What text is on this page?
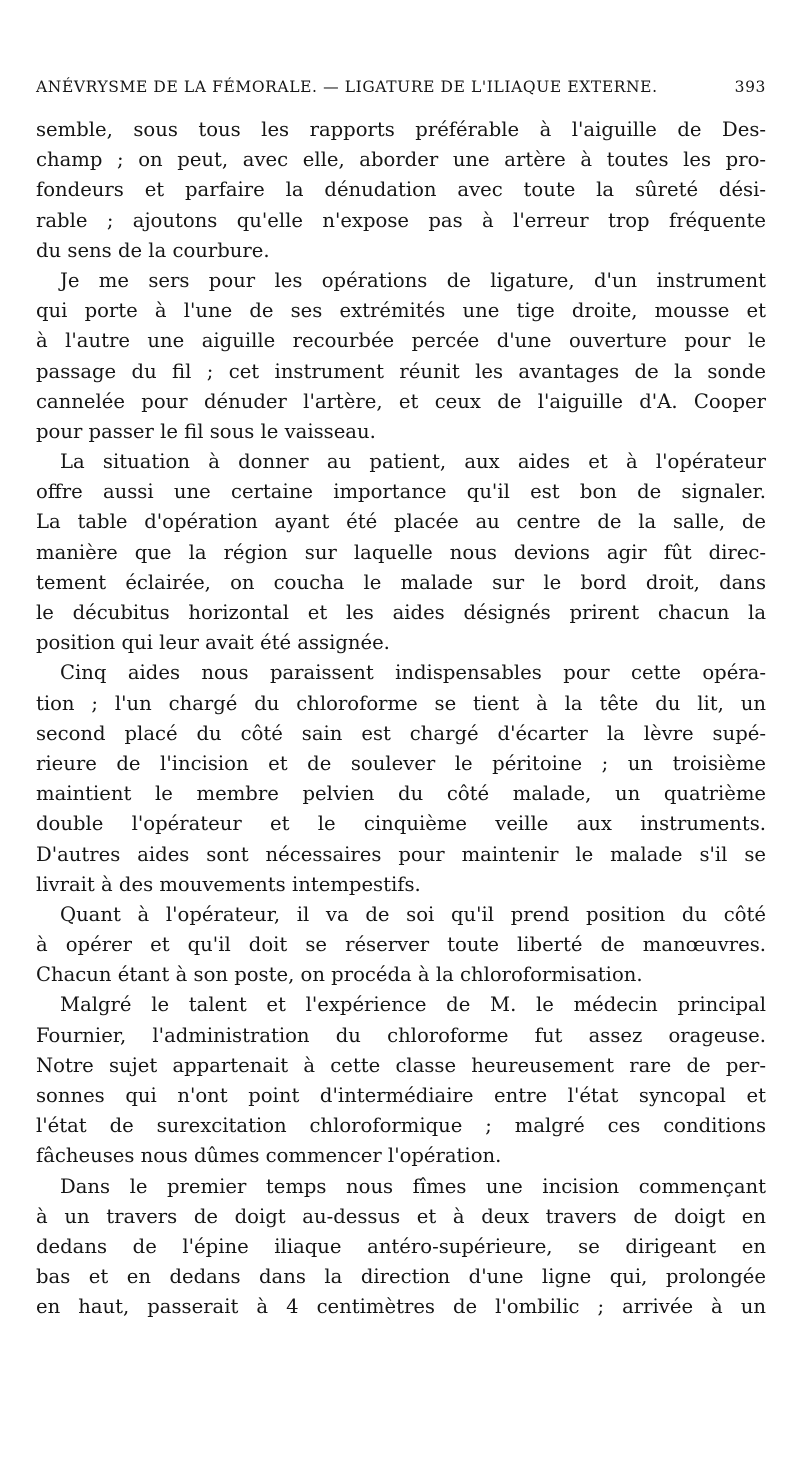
ANÉVRYSME DE LA FÉMORALE. — LIGATURE DE L'ILIAQUE EXTERNE.	393
semble, sous tous les rapports préférable à l'aiguille de Des-
champ ; on peut, avec elle, aborder une artère à toutes les pro-
fondeurs et parfaire la dénudation avec toute la sûreté dési-
rable ; ajoutons qu'elle n'expose pas à l'erreur trop fréquente
du sens de la courbure.
Je me sers pour les opérations de ligature, d'un instrument
qui porte à l'une de ses extrémités une tige droite, mousse et
à l'autre une aiguille recourbée percée d'une ouverture pour le
passage du fil ; cet instrument réunit les avantages de la sonde
cannelée pour dénuder l'artère, et ceux de l'aiguille d'A. Cooper
pour passer le fil sous le vaisseau.
La situation à donner au patient, aux aides et à l'opérateur
offre aussi une certaine importance qu'il est bon de signaler.
La table d'opération ayant été placée au centre de la salle, de
manière que la région sur laquelle nous devions agir fût direc-
tement éclairée, on coucha le malade sur le bord droit, dans
le décubitus horizontal et les aides désignés prirent chacun la
position qui leur avait été assignée.
Cinq aides nous paraissent indispensables pour cette opéra-
tion ; l'un chargé du chloroforme se tient à la tête du lit, un
second placé du côté sain est chargé d'écarter la lèvre supé-
rieure de l'incision et de soulever le péritoine ; un troisième
maintient le membre pelvien du côté malade, un quatrième
double l'opérateur et le cinquième veille aux instruments.
D'autres aides sont nécessaires pour maintenir le malade s'il se
livrait à des mouvements intempestifs.
Quant à l'opérateur, il va de soi qu'il prend position du côté
à opérer et qu'il doit se réserver toute liberté de manœuvres.
Chacun étant à son poste, on procéda à la chloroformisation.
Malgré le talent et l'expérience de M. le médecin principal
Fournier, l'administration du chloroforme fut assez orageuse.
Notre sujet appartenait à cette classe heureusement rare de per-
sonnes qui n'ont point d'intermédiaire entre l'état syncopal et
l'état de surexcitation chloroformique ; malgré ces conditions
fâcheuses nous dûmes commencer l'opération.
Dans le premier temps nous fîmes une incision commençant
à un travers de doigt au-dessus et à deux travers de doigt en
dedans de l'épine iliaque antéro-supérieure, se dirigeant en
bas et en dedans dans la direction d'une ligne qui, prolongée
en haut, passerait à 4 centimètres de l'ombilic ; arrivée à un
